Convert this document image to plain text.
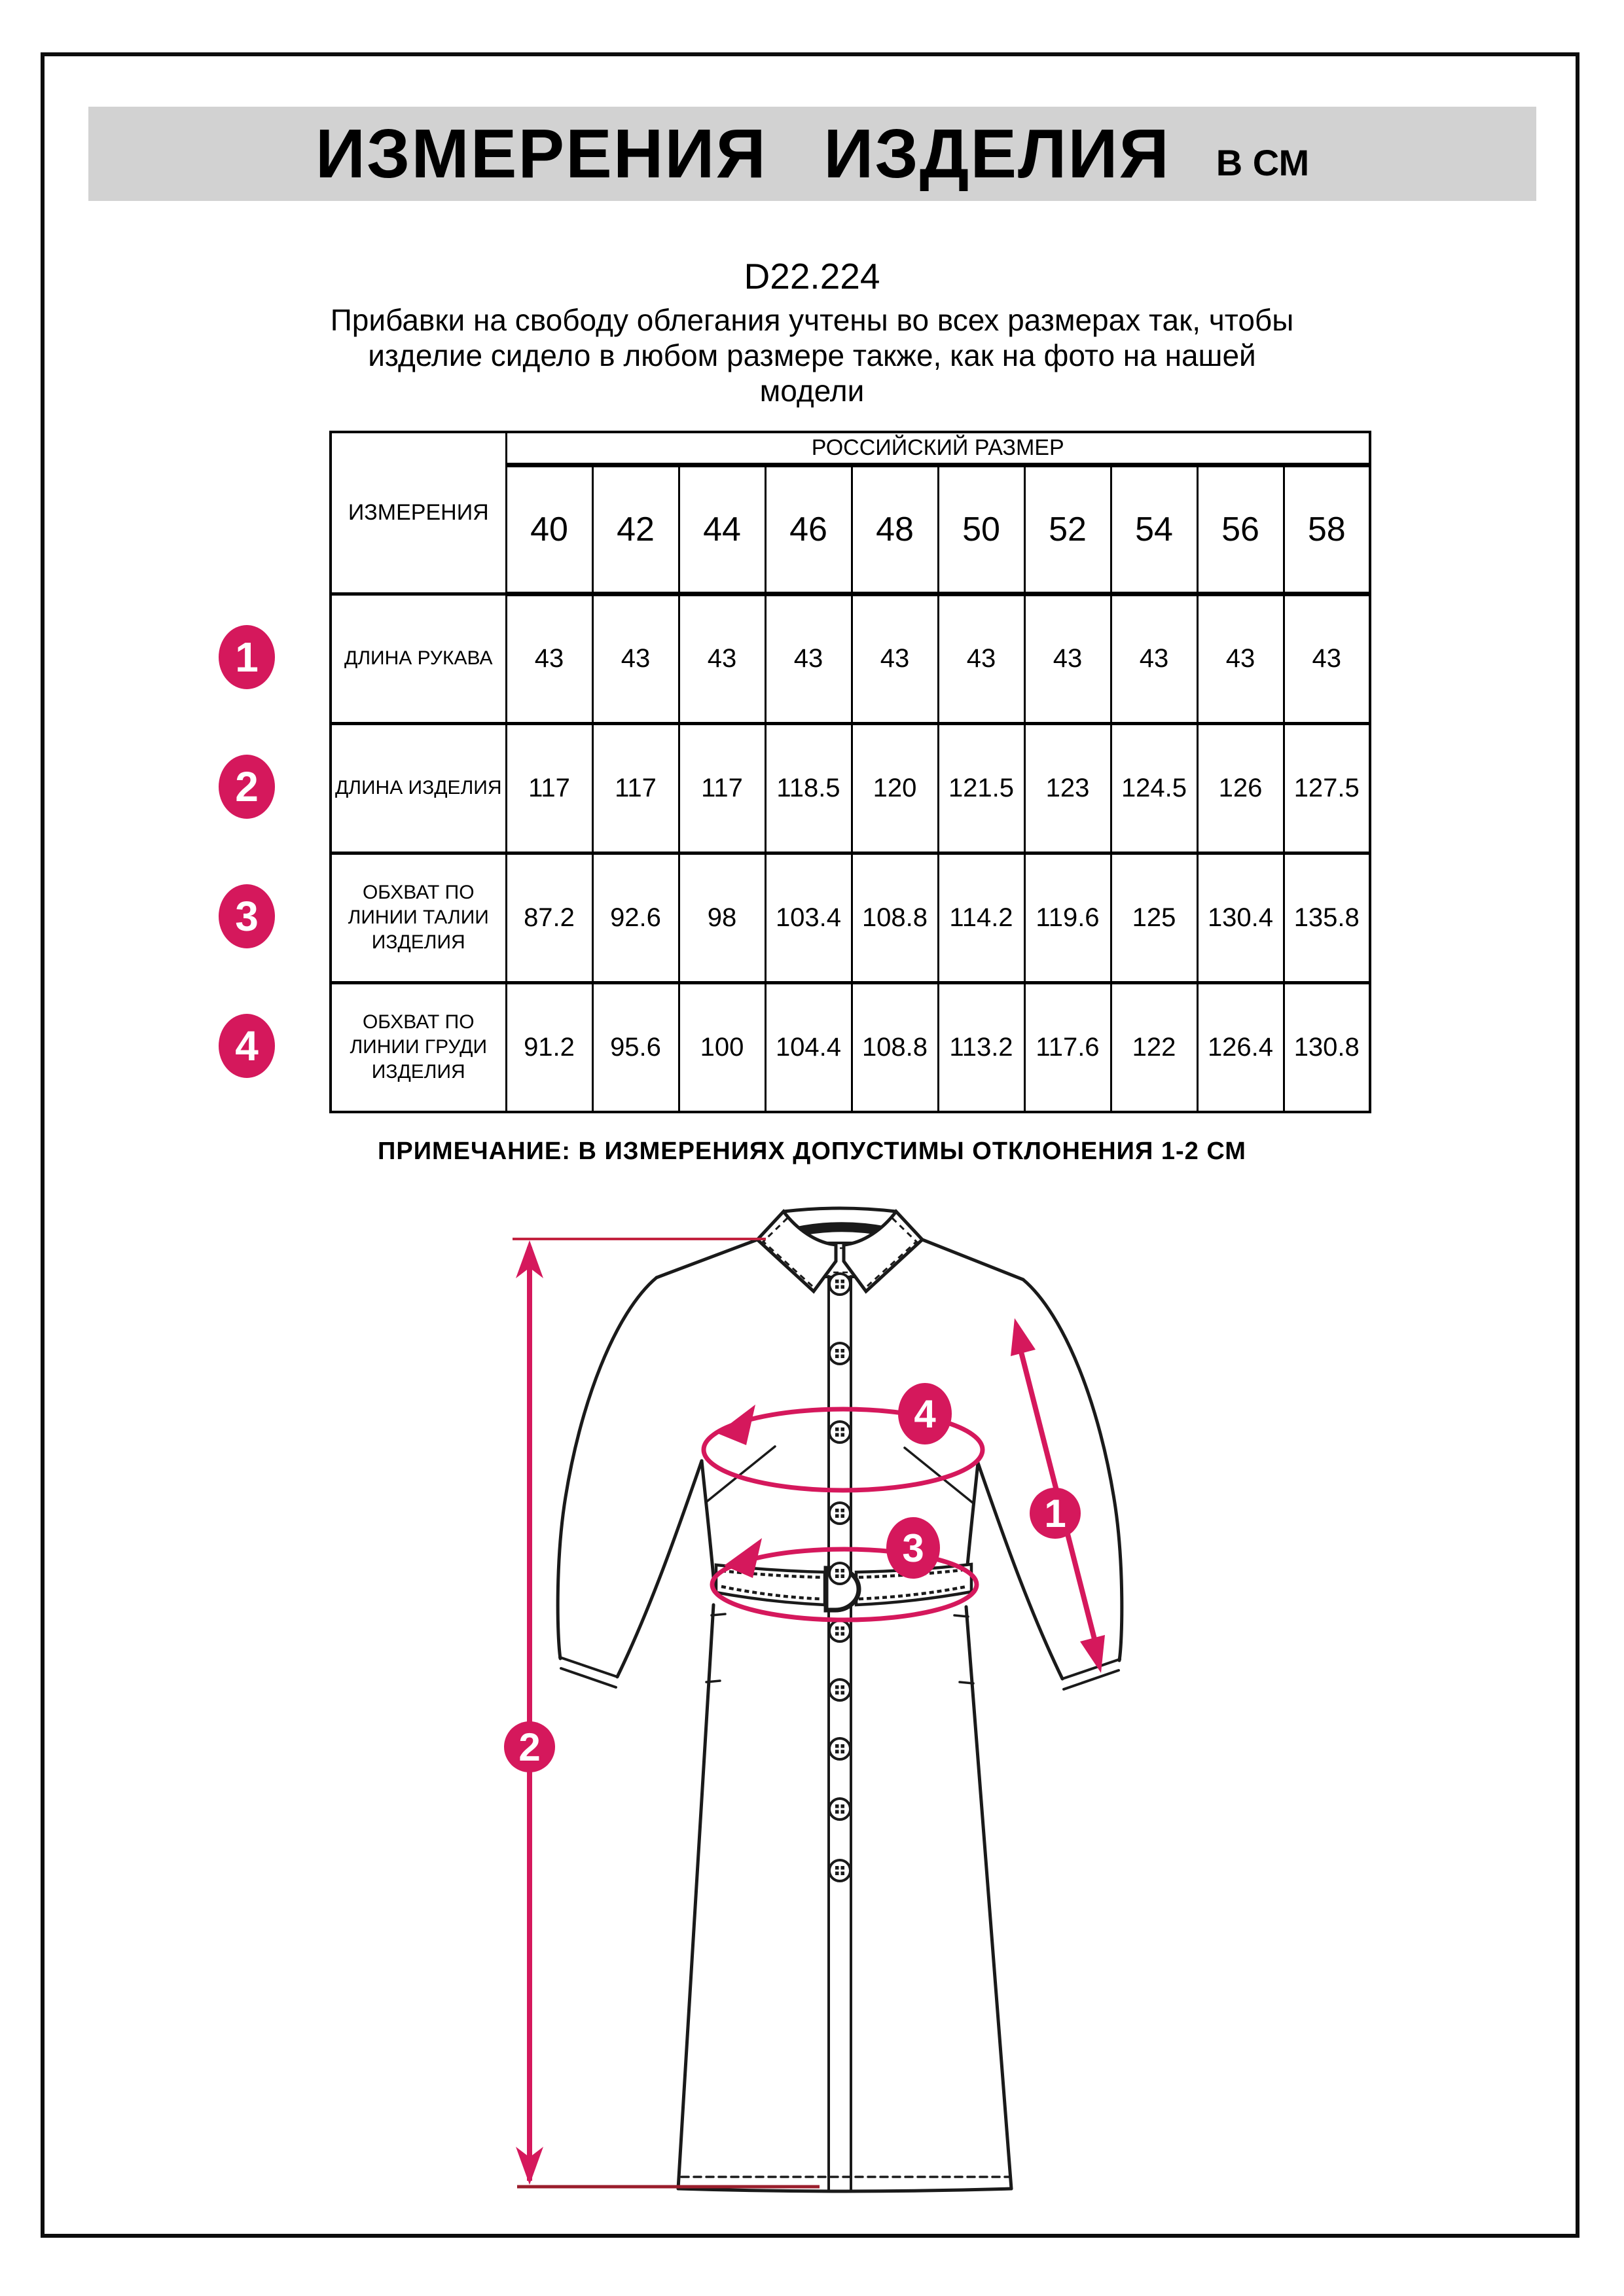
ИЗМЕРЕНИЯ ИЗДЕЛИЯ В СМ
D22.224
Прибавки на свободу облегания учтены во всех размерах так, чтобы
изделие сидело в любом размере также, как на фото на нашей
модели
ИЗМЕРЕНИЯ	РОССИЙСКИЙ РАЗМЕР									
	40	42	44	46	48	50	52	54	56	58
ДЛИНА РУКАВА	43	43	43	43	43	43	43	43	43	43
ДЛИНА ИЗДЕЛИЯ	117	117	117	118.5	120	121.5	123	124.5	126	127.5
ОБХВАТ ПО ЛИНИИ ТАЛИИ ИЗДЕЛИЯ	87.2	92.6	98	103.4	108.8	114.2	119.6	125	130.4	135.8
ОБХВАТ ПО ЛИНИИ ГРУДИ ИЗДЕЛИЯ	91.2	95.6	100	104.4	108.8	113.2	117.6	122	126.4	130.8
1
2
3
4
ПРИМЕЧАНИЕ: В ИЗМЕРЕНИЯХ ДОПУСТИМЫ ОТКЛОНЕНИЯ 1-2 СМ
1
2
3
4
